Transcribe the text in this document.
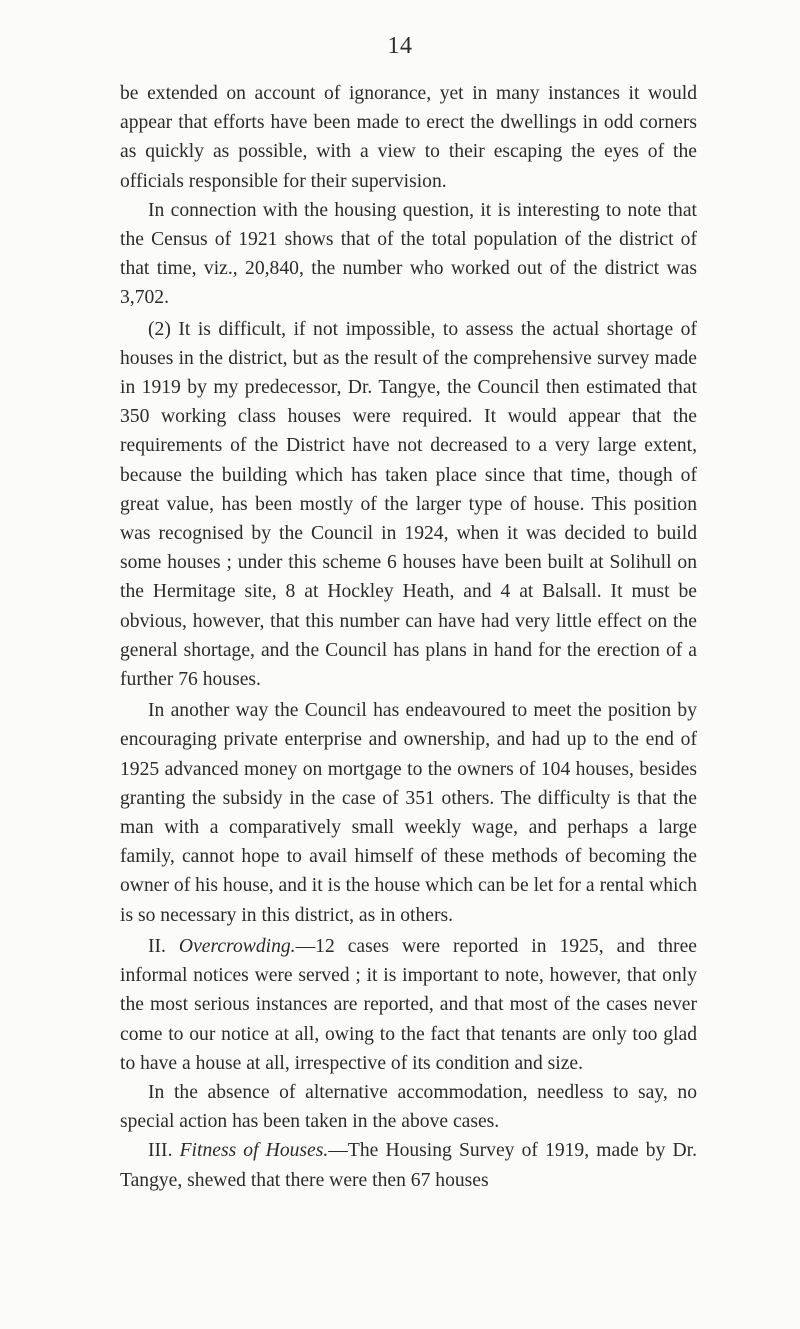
14

be extended on account of ignorance, yet in many instances it would appear that efforts have been made to erect the dwellings in odd corners as quickly as possible, with a view to their escaping the eyes of the officials responsible for their supervision.

In connection with the housing question, it is interesting to note that the Census of 1921 shows that of the total population of the district of that time, viz., 20,840, the number who worked out of the district was 3,702.

(2) It is difficult, if not impossible, to assess the actual shortage of houses in the district, but as the result of the comprehensive survey made in 1919 by my predecessor, Dr. Tangye, the Council then estimated that 350 working class houses were required. It would appear that the requirements of the District have not decreased to a very large extent, because the building which has taken place since that time, though of great value, has been mostly of the larger type of house. This position was recognised by the Council in 1924, when it was decided to build some houses ; under this scheme 6 houses have been built at Solihull on the Hermitage site, 8 at Hockley Heath, and 4 at Balsall. It must be obvious, however, that this number can have had very little effect on the general shortage, and the Council has plans in hand for the erection of a further 76 houses.

In another way the Council has endeavoured to meet the position by encouraging private enterprise and ownership, and had up to the end of 1925 advanced money on mortgage to the owners of 104 houses, besides granting the subsidy in the case of 351 others. The difficulty is that the man with a comparatively small weekly wage, and perhaps a large family, cannot hope to avail himself of these methods of becoming the owner of his house, and it is the house which can be let for a rental which is so necessary in this district, as in others.

II. Overcrowding.—12 cases were reported in 1925, and three informal notices were served ; it is important to note, however, that only the most serious instances are reported, and that most of the cases never come to our notice at all, owing to the fact that tenants are only too glad to have a house at all, irrespective of its condition and size.

In the absence of alternative accommodation, needless to say, no special action has been taken in the above cases.

III. Fitness of Houses.—The Housing Survey of 1919, made by Dr. Tangye, shewed that there were then 67 houses
